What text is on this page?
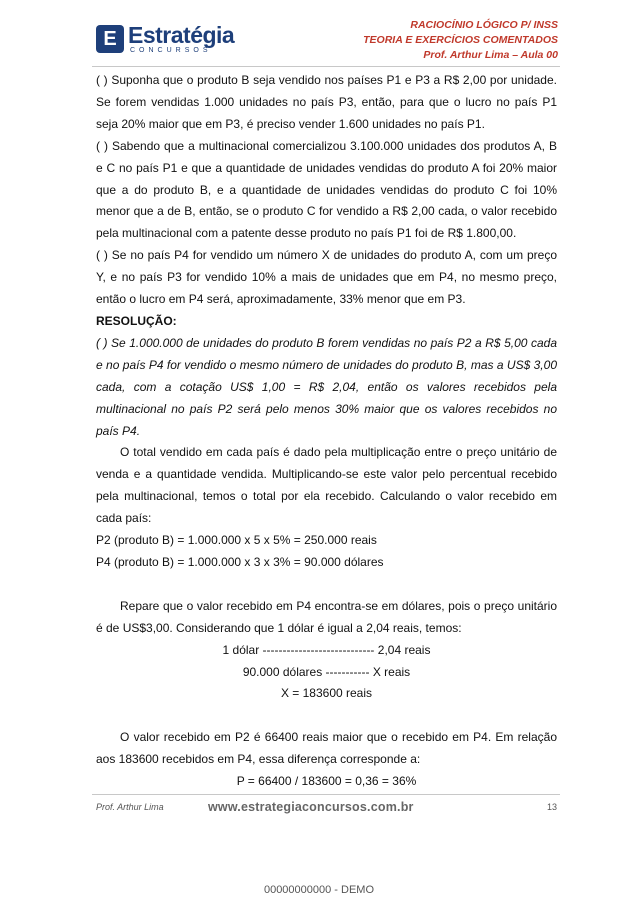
E Estratégia
CONCURSOS
RACIOCÍNIO LÓGICO P/ INSS
TEORIA E EXERCÍCIOS COMENTADOS
Prof. Arthur Lima – Aula 00

( ) Suponha que o produto B seja vendido nos países P1 e P3 a R$ 2,00 por unidade. Se forem vendidas 1.000 unidades no país P3, então, para que o lucro no país P1 seja 20% maior que em P3, é preciso vender 1.600 unidades no país P1.

( ) Sabendo que a multinacional comercializou 3.100.000 unidades dos produtos A, B e C no país P1 e que a quantidade de unidades vendidas do produto A foi 20% maior que a do produto B, e a quantidade de unidades vendidas do produto C foi 10% menor que a de B, então, se o produto C for vendido a R$ 2,00 cada, o valor recebido pela multinacional com a patente desse produto no país P1 foi de R$ 1.800,00.

( ) Se no país P4 for vendido um número X de unidades do produto A, com um preço Y, e no país P3 for vendido 10% a mais de unidades que em P4, no mesmo preço, então o lucro em P4 será, aproximadamente, 33% menor que em P3.

RESOLUÇÃO:

( ) Se 1.000.000 de unidades do produto B forem vendidas no país P2 a R$ 5,00 cada e no país P4 for vendido o mesmo número de unidades do produto B, mas a US$ 3,00 cada, com a cotação US$ 1,00 = R$ 2,04, então os valores recebidos pela multinacional no país P2 será pelo menos 30% maior que os valores recebidos no país P4.

O total vendido em cada país é dado pela multiplicação entre o preço unitário de venda e a quantidade vendida. Multiplicando-se este valor pelo percentual recebido pela multinacional, temos o total por ela recebido. Calculando o valor recebido em cada país:

P2 (produto B) = 1.000.000 x 5 x 5% = 250.000 reais

P4 (produto B) = 1.000.000 x 3 x 3% = 90.000 dólares

Repare que o valor recebido em P4 encontra-se em dólares, pois o preço unitário é de US$3,00. Considerando que 1 dólar é igual a 2,04 reais, temos:

1 dólar ---------------------------- 2,04 reais

90.000 dólares ----------- X reais

X = 183600 reais

O valor recebido em P2 é 66400 reais maior que o recebido em P4. Em relação aos 183600 recebidos em P4, essa diferença corresponde a:

P = 66400 / 183600 = 0,36 = 36%

Prof. Arthur Lima	www.estrategiaconcursos.com.br	13
00000000000 - DEMO
